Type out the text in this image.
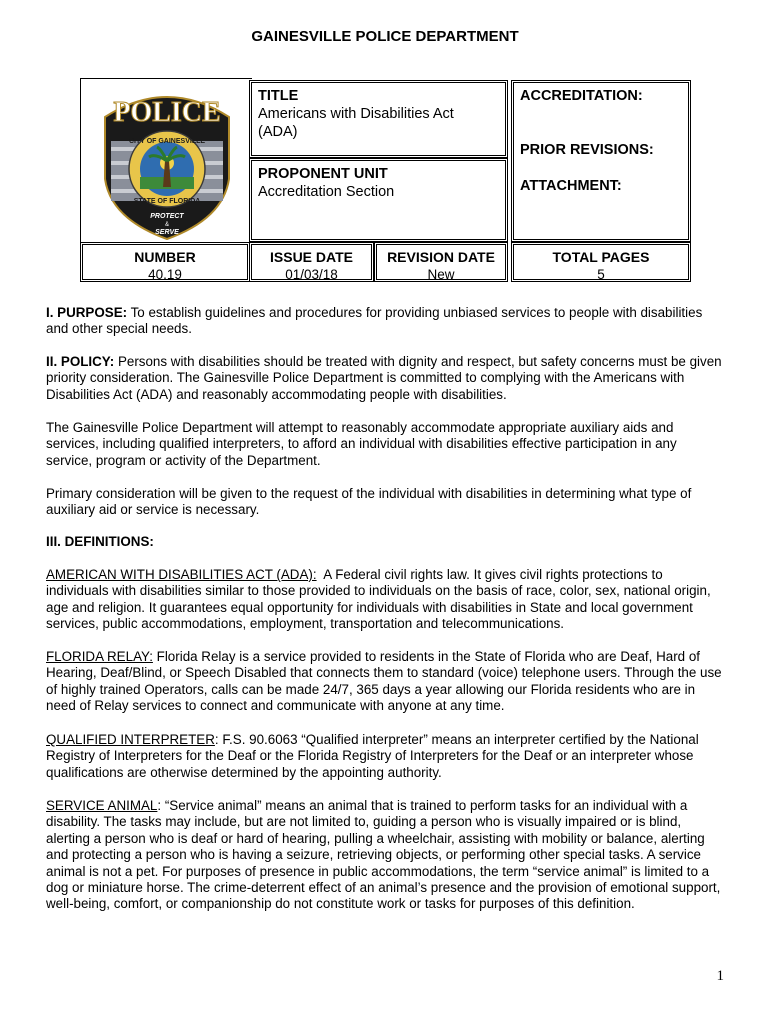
GAINESVILLE POLICE DEPARTMENT
POLICE
CITY OF GAINESVILLE
STATE OF FLORIDA
PROTECT
&
SERVE
TITLE
Americans with Disabilities Act
(ADA)
PROPONENT UNIT
Accreditation Section
ACCREDITATION:
PRIOR REVISIONS:
ATTACHMENT:
NUMBER
40.19
ISSUE DATE
01/03/18
REVISION DATE
New
TOTAL PAGES
5

I. PURPOSE: To establish guidelines and procedures for providing unbiased services to people with disabilities and other special needs.

II. POLICY: Persons with disabilities should be treated with dignity and respect, but safety concerns must be given priority consideration. The Gainesville Police Department is committed to complying with the Americans with Disabilities Act (ADA) and reasonably accommodating people with disabilities.

The Gainesville Police Department will attempt to reasonably accommodate appropriate auxiliary aids and services, including qualified interpreters, to afford an individual with disabilities effective participation in any service, program or activity of the Department.

Primary consideration will be given to the request of the individual with disabilities in determining what type of auxiliary aid or service is necessary.

III. DEFINITIONS:

AMERICAN WITH DISABILITIES ACT (ADA): A Federal civil rights law. It gives civil rights protections to individuals with disabilities similar to those provided to individuals on the basis of race, color, sex, national origin, age and religion. It guarantees equal opportunity for individuals with disabilities in State and local government services, public accommodations, employment, transportation and telecommunications.

FLORIDA RELAY: Florida Relay is a service provided to residents in the State of Florida who are Deaf, Hard of Hearing, Deaf/Blind, or Speech Disabled that connects them to standard (voice) telephone users. Through the use of highly trained Operators, calls can be made 24/7, 365 days a year allowing our Florida residents who are in need of Relay services to connect and communicate with anyone at any time.

QUALIFIED INTERPRETER: F.S. 90.6063 “Qualified interpreter” means an interpreter certified by the National Registry of Interpreters for the Deaf or the Florida Registry of Interpreters for the Deaf or an interpreter whose qualifications are otherwise determined by the appointing authority.

SERVICE ANIMAL: “Service animal” means an animal that is trained to perform tasks for an individual with a disability. The tasks may include, but are not limited to, guiding a person who is visually impaired or is blind, alerting a person who is deaf or hard of hearing, pulling a wheelchair, assisting with mobility or balance, alerting and protecting a person who is having a seizure, retrieving objects, or performing other special tasks. A service animal is not a pet. For purposes of presence in public accommodations, the term “service animal” is limited to a dog or miniature horse. The crime-deterrent effect of an animal’s presence and the provision of emotional support, well-being, comfort, or companionship do not constitute work or tasks for purposes of this definition.

1
